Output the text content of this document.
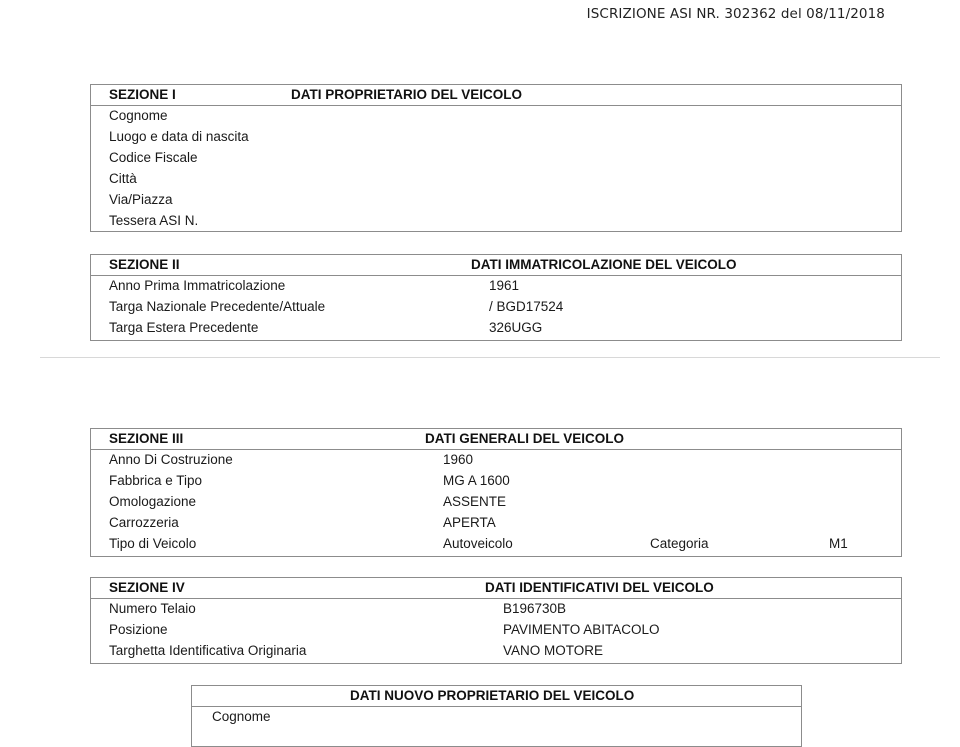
ISCRIZIONE ASI NR. 302362 del 08/11/2018
SEZIONE I	DATI PROPRIETARIO DEL VEICOLO
Cognome
Luogo e data di nascita
Codice Fiscale
Città
Via/Piazza
Tessera ASI N.
SEZIONE II	DATI IMMATRICOLAZIONE DEL VEICOLO
Anno Prima Immatricolazione	1961
Targa Nazionale Precedente/Attuale	/ BGD17524
Targa Estera Precedente	326UGG
SEZIONE III	DATI GENERALI DEL VEICOLO
Anno Di Costruzione	1960
Fabbrica e Tipo	MG A 1600
Omologazione	ASSENTE
Carrozzeria	APERTA
Tipo di Veicolo	Autoveicolo	Categoria	M1
SEZIONE IV	DATI IDENTIFICATIVI DEL VEICOLO
Numero Telaio	B196730B
Posizione	PAVIMENTO ABITACOLO
Targhetta Identificativa Originaria	VANO MOTORE
DATI NUOVO PROPRIETARIO DEL VEICOLO
Cognome
